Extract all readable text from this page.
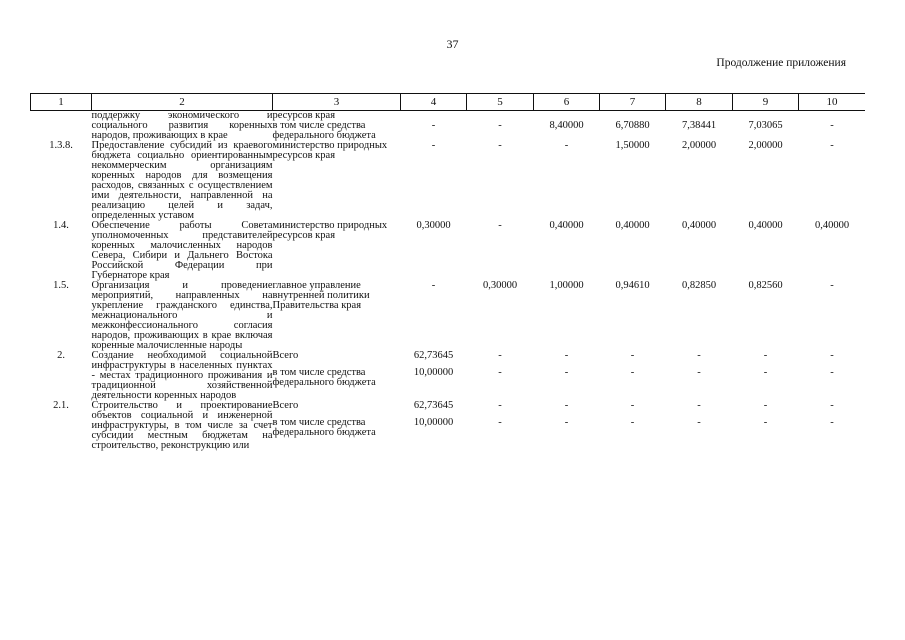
37
Продолжение приложения
1	2	3	4	5	6	7	8	9	10
	поддержку экономического и социального развития коренных народов, проживающих в крае	ресурсов края							
		в том числе средства федерального бюджета	-	-	8,40000	6,70880	7,38441	7,03065	-
1.3.8.	Предоставление субсидий из краевого бюджета социально ориентированным некоммерческим организациям коренных народов для возмещения расходов, связанных с осуществлением ими деятельности, направленной на реализацию целей и задач, определенных уставом	министерство природных ресурсов края	-	-	-	1,50000	2,00000	2,00000	-
1.4.	Обеспечение работы Совета уполномоченных представителей коренных малочисленных народов Севера, Сибири и Дальнего Востока Российской Федерации при Губернаторе края	министерство природных ресурсов края	0,30000	-	0,40000	0,40000	0,40000	0,40000	0,40000
1.5.	Организация и проведение мероприятий, направленных на укрепление гражданского единства, межнационального и межконфессионального согласия народов, проживающих в крае включая коренные малочисленные народы	главное управление внутренней политики Правительства края	-	0,30000	1,00000	0,94610	0,82850	0,82560	-
2.	Создание необходимой социальной инфраструктуры в населенных пунктах - местах традиционного проживания и традиционной хозяйственной деятельности коренных народов	Всего	62,73645	-	-	-	-	-	-
		в том числе средства федерального бюджета	10,00000	-	-	-	-	-	-
2.1.	Строительство и проектирование объектов социальной и инженерной инфраструктуры, в том числе за счет субсидии местным бюджетам на строительство, реконструкцию или	Всего	62,73645	-	-	-	-	-	-
		в том числе средства федерального бюджета	10,00000	-	-	-	-	-	-
